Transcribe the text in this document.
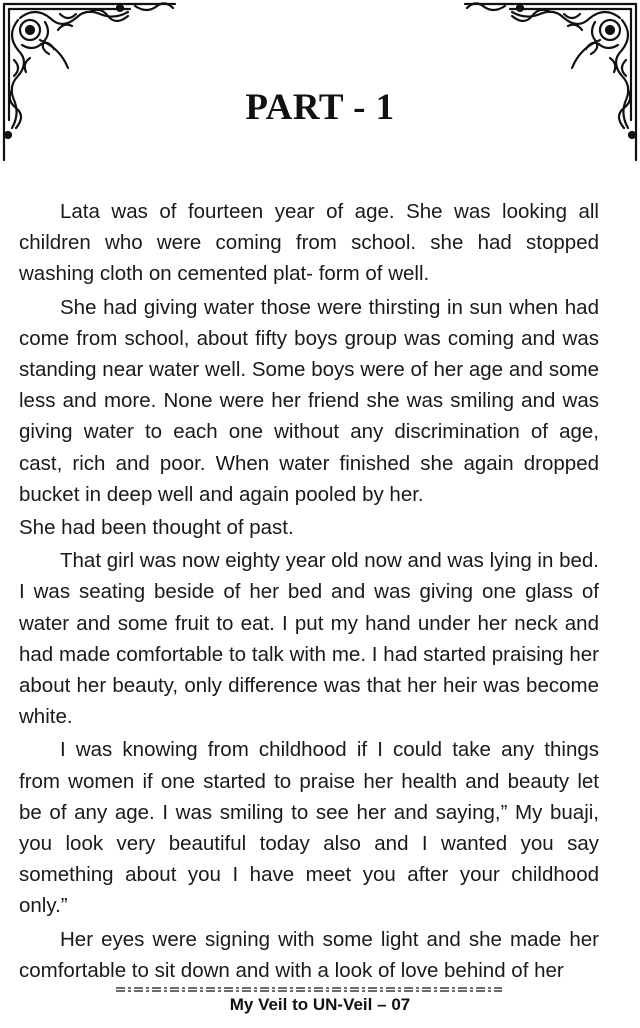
PART - 1

Lata was of fourteen year of age. She was looking all children who were coming from school. she had stopped washing cloth on cemented plat- form of well.

She had giving water those were thirsting in sun when had come from school, about fifty boys group was coming and was standing near water well. Some boys were of her age and some less and more. None were her friend she was smiling and was giving water to each one without any discrimination of age, cast, rich and poor. When water finished she again dropped bucket in deep well and again pooled by her.

She had been thought of past.

That girl was now eighty year old now and was lying in bed. I was seating beside of her bed and was giving one glass of water and some fruit to eat. I put my hand under her neck and had made comfortable to talk with me. I had started praising her about her beauty, only difference was that her heir was become white.

I was knowing from childhood if I could take any things from women if one started to praise her health and beauty let be of any age. I was smiling to see her and saying,” My buaji, you look very beautiful today also and I wanted you say something about you I have meet you after your childhood only.”

Her eyes were signing with some light and she made her comfortable to sit down and with a look of love behind of her

My Veil to UN-Veil – 07
